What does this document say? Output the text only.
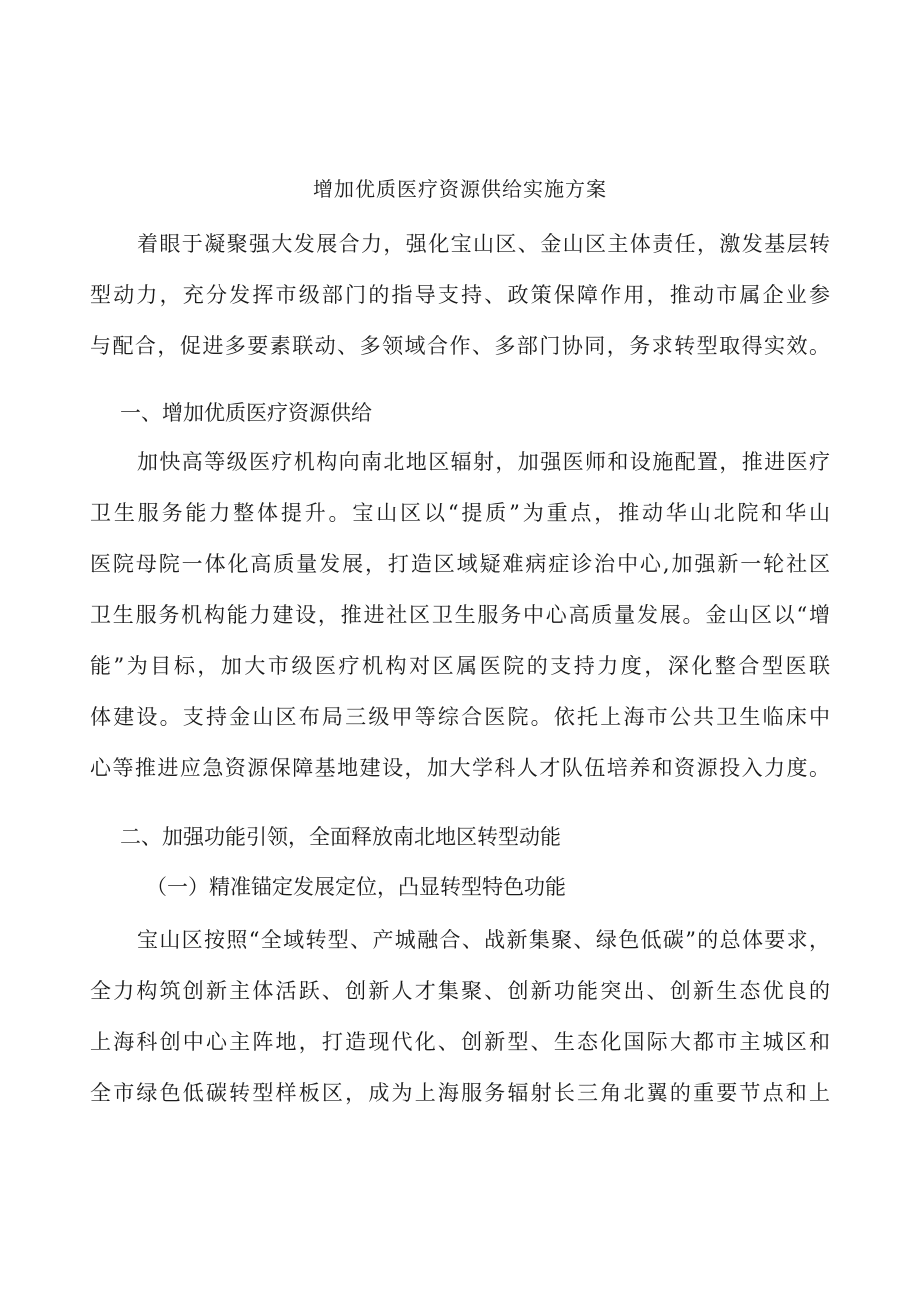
增加优质医疗资源供给实施方案
着眼于凝聚强大发展合力，强化宝山区、金山区主体责任，激发基层转
型动力，充分发挥市级部门的指导支持、政策保障作用，推动市属企业参
与配合，促进多要素联动、多领域合作、多部门协同，务求转型取得实效。
一、增加优质医疗资源供给
加快高等级医疗机构向南北地区辐射，加强医师和设施配置，推进医疗
卫生服务能力整体提升。宝山区以“提质”为重点，推动华山北院和华山
医院母院一体化高质量发展，打造区域疑难病症诊治中心,加强新一轮社区
卫生服务机构能力建设，推进社区卫生服务中心高质量发展。金山区以“增
能”为目标，加大市级医疗机构对区属医院的支持力度，深化整合型医联
体建设。支持金山区布局三级甲等综合医院。依托上海市公共卫生临床中
心等推进应急资源保障基地建设，加大学科人才队伍培养和资源投入力度。
二、加强功能引领，全面释放南北地区转型动能
（一）精准锚定发展定位，凸显转型特色功能
宝山区按照“全域转型、产城融合、战新集聚、绿色低碳”的总体要求，
全力构筑创新主体活跃、创新人才集聚、创新功能突出、创新生态优良的
上海科创中心主阵地，打造现代化、创新型、生态化国际大都市主城区和
全市绿色低碳转型样板区，成为上海服务辐射长三角北翼的重要节点和上
